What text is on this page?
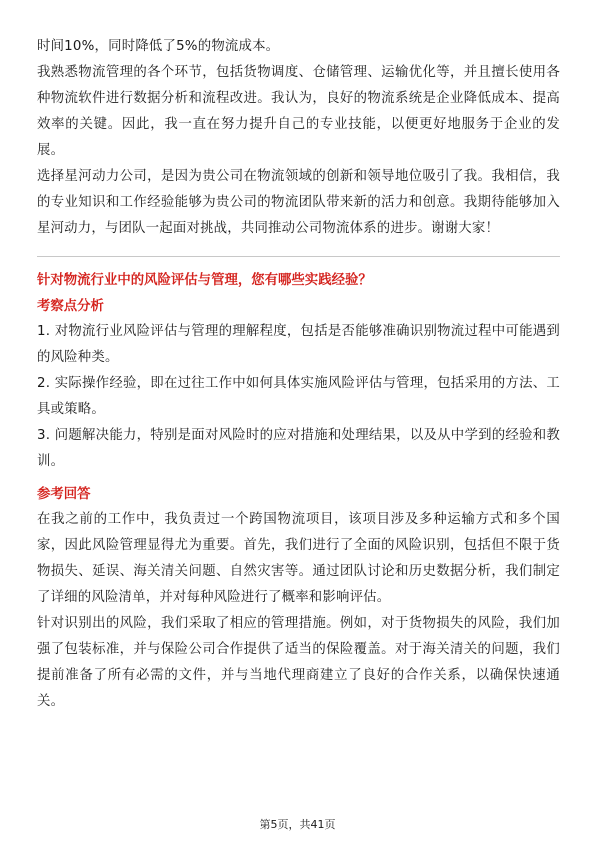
时间10%，同时降低了5%的物流成本。

我熟悉物流管理的各个环节，包括货物调度、仓储管理、运输优化等，并且擅长使用各种物流软件进行数据分析和流程改进。我认为，良好的物流系统是企业降低成本、提高效率的关键。因此，我一直在努力提升自己的专业技能，以便更好地服务于企业的发展。

选择星河动力公司，是因为贵公司在物流领域的创新和领导地位吸引了我。我相信，我的专业知识和工作经验能够为贵公司的物流团队带来新的活力和创意。我期待能够加入星河动力，与团队一起面对挑战，共同推动公司物流体系的进步。谢谢大家！

针对物流行业中的风险评估与管理，您有哪些实践经验？

考察点分析

1. 对物流行业风险评估与管理的理解程度，包括是否能够准确识别物流过程中可能遇到的风险种类。

2. 实际操作经验，即在过往工作中如何具体实施风险评估与管理，包括采用的方法、工具或策略。

3. 问题解决能力，特别是面对风险时的应对措施和处理结果，以及从中学到的经验和教训。

参考回答

在我之前的工作中，我负责过一个跨国物流项目，该项目涉及多种运输方式和多个国家，因此风险管理显得尤为重要。首先，我们进行了全面的风险识别，包括但不限于货物损失、延误、海关清关问题、自然灾害等。通过团队讨论和历史数据分析，我们制定了详细的风险清单，并对每种风险进行了概率和影响评估。

针对识别出的风险，我们采取了相应的管理措施。例如，对于货物损失的风险，我们加强了包装标准，并与保险公司合作提供了适当的保险覆盖。对于海关清关的问题，我们提前准备了所有必需的文件，并与当地代理商建立了良好的合作关系，以确保快速通关。

第5页，共41页
